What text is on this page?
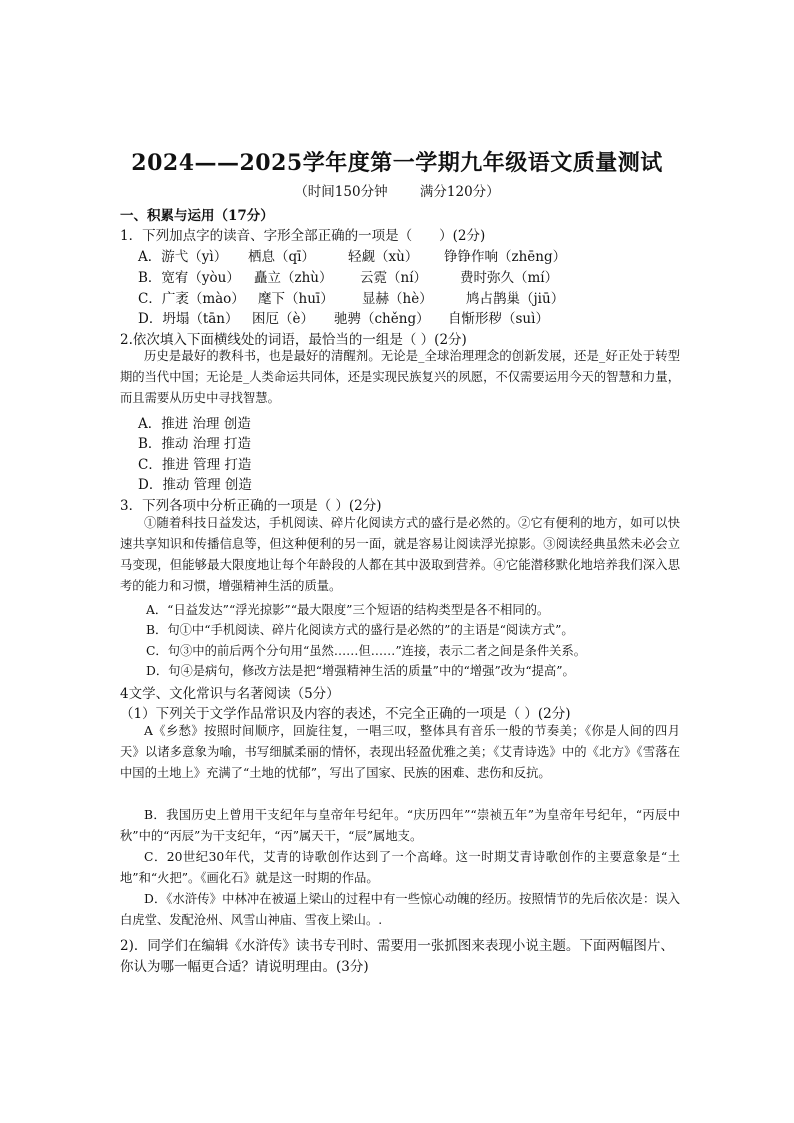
2024——2025学年度第一学期九年级语文质量测试
（时间150分钟 满分120分）
一、积累与运用（17分）
1．下列加点字的读音、字形全部正确的一项是（　　）(2分)
A．游弋（yì） 栖息（qī） 轻觑（xù） 铮铮作响（zhēng）
B．宽宥（yòu） 矗立（zhù） 云霓（ní） 费时弥久（mí）
C．广袤（mào） 麾下（huī） 显赫（hè） 鸠占鹊巢（jiū）
D．坍塌（tān） 困厄（è） 驰骋（chěng） 自惭形秽（suì）
2.依次填入下面横线处的词语，最恰当的一组是（ ）(2分)
历史是最好的教科书，也是最好的清醒剂。无论是_全球治理理念的创新发展，还是_好正处于转型期的当代中国；无论是_人类命运共同体，还是实现民族复兴的夙愿，不仅需要运用今天的智慧和力量，而且需要从历史中寻找智慧。
A．推进 治理 创造
B．推动 治理 打造
C．推进 管理 打造
D．推动 管理 创造
3．下列各项中分析正确的一项是（ ）(2分)
①随着科技日益发达，手机阅读、碎片化阅读方式的盛行是必然的。②它有便利的地方，如可以快速共享知识和传播信息等，但这种便利的另一面，就是容易让阅读浮光掠影。③阅读经典虽然未必会立马变现，但能够最大限度地让每个年龄段的人都在其中汲取到营养。④它能潜移默化地培养我们深入思考的能力和习惯，增强精神生活的质量。
A．“日益发达”“浮光掠影”“最大限度”三个短语的结构类型是各不相同的。
B．句①中“手机阅读、碎片化阅读方式的盛行是必然的”的主语是“阅读方式”。
C．句③中的前后两个分句用“虽然……但……”连接，表示二者之间是条件关系。
D．句④是病句，修改方法是把“增强精神生活的质量”中的“增强”改为“提高”。
4文学、文化常识与名著阅读（5分）
（1）下列关于文学作品常识及内容的表述，不完全正确的一项是（ ）(2分)
A《乡愁》按照时间顺序，回旋往复，一唱三叹，整体具有音乐一般的节奏美；《你是人间的四月天》以诸多意象为喻，书写细腻柔丽的情怀，表现出轻盈优雅之美；《艾青诗选》中的《北方》《雪落在中国的土地上》充满了“土地的忧郁”，写出了国家、民族的困难、悲伤和反抗。
B．我国历史上曾用干支纪年与皇帝年号纪年。“庆历四年”“崇祯五年”为皇帝年号纪年，“丙辰中秋”中的“丙辰”为干支纪年，“丙”属天干，“辰”属地支。
C．20世纪30年代，艾青的诗歌创作达到了一个高峰。这一时期艾青诗歌创作的主要意象是“土地”和“火把”。《画化石》就是这一时期的作品。
D．《水浒传》中林冲在被逼上梁山的过程中有一些惊心动魄的经历。按照情节的先后依次是：误入白虎堂、发配沧州、风雪山神庙、雪夜上梁山。.
2)．同学们在编辑《水浒传》读书专刊时、需要用一张抓图来表现小说主题。下面两幅图片、
你认为哪一幅更合适？请说明理由。(3分)
